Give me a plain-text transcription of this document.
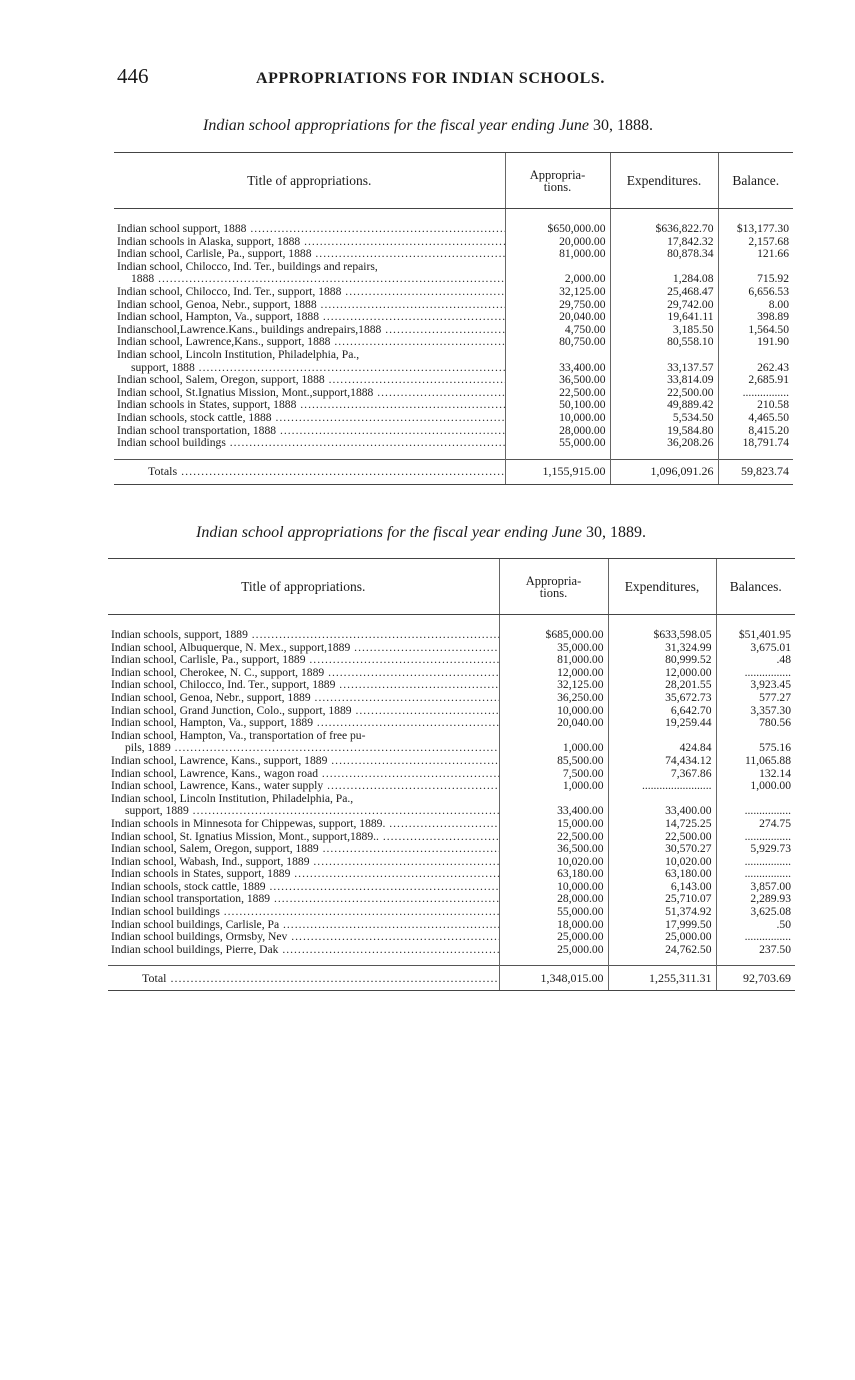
446	APPROPRIATIONS FOR INDIAN SCHOOLS.
Indian school appropriations for the fiscal year ending June 30, 1888.
Title of appropriations.	Appropria-
tions.	Expenditures.	Balance.

Indian school support, 1888 .....	$650,000.00	$636,822.70	$13,177.30
Indian schools in Alaska, support, 1888 .....	20,000.00	17,842.32	2,157.68
Indian school, Carlisle, Pa., support, 1888 .....	81,000.00	80,878.34	121.66
Indian school, Chilocco, Ind. Ter., buildings and repairs,
1888 .....	2,000.00	1,284.08	715.92
Indian school, Chilocco, Ind. Ter., support, 1888 .....	32,125.00	25,468.47	6,656.53
Indian school, Genoa, Nebr., support, 1888 .....	29,750.00	29,742.00	8.00
Indian school, Hampton, Va., support, 1888 .....	20,040.00	19,641.11	398.89
Indianschool,Lawrence.Kans., buildings andrepairs,1888 .....	4,750.00	3,185.50	1,564.50
Indian school, Lawrence,Kans., support, 1888 .....	80,750.00	80,558.10	191.90
Indian school, Lincoln Institution, Philadelphia, Pa.,
support, 1888 .....	33,400.00	33,137.57	262.43
Indian school, Salem, Oregon, support, 1888 .....	36,500.00	33,814.09	2,685.91
Indian school, St.Ignatius Mission, Mont.,support,1888 .....	22,500.00	22,500.00	................
Indian schools in States, support, 1888 .....	50,100.00	49,889.42	210.58
Indian schools, stock cattle, 1888 .....	10,000.00	5,534.50	4,465.50
Indian school transportation, 1888 .....	28,000.00	19,584.80	8,415.20
Indian school buildings .....	55,000.00	36,208.26	18,791.74

Totals .....	1,155,915.00	1,096,091.26	59,823.74
Indian school appropriations for the fiscal year ending June 30, 1889.
Title of appropriations.	Appropria-
tions.	Expenditures,	Balances.

Indian schools, support, 1889 .....	$685,000.00	$633,598.05	$51,401.95
Indian school, Albuquerque, N. Mex., support,1889 .....	35,000.00	31,324.99	3,675.01
Indian school, Carlisle, Pa., support, 1889 .....	81,000.00	80,999.52	.48
Indian school, Cherokee, N. C., support, 1889 .....	12,000.00	12,000.00	................
Indian school, Chilocco, Ind. Ter., support, 1889 .....	32,125.00	28,201.55	3,923.45
Indian school, Genoa, Nebr., support, 1889 .....	36,250.00	35,672.73	577.27
Indian school, Grand Junction, Colo., support, 1889 .....	10,000.00	6,642.70	3,357.30
Indian school, Hampton, Va., support, 1889 .....	20,040.00	19,259.44	780.56
Indian school, Hampton, Va., transportation of free pu-
pils, 1889 .....	1,000.00	424.84	575.16
Indian school, Lawrence, Kans., support, 1889 .....	85,500.00	74,434.12	11,065.88
Indian school, Lawrence, Kans., wagon road .....	7,500.00	7,367.86	132.14
Indian school, Lawrence, Kans., water supply .....	1,000.00	........................	1,000.00
Indian school, Lincoln Institution, Philadelphia, Pa.,
support, 1889 .....	33,400.00	33,400.00	................
Indian schools in Minnesota for Chippewas, support, 1889. .....	15,000.00	14,725.25	274.75
Indian school, St. Ignatius Mission, Mont., support,1889.. .....	22,500.00	22,500.00	................
Indian school, Salem, Oregon, support, 1889 .....	36,500.00	30,570.27	5,929.73
Indian school, Wabash, Ind., support, 1889 .....	10,020.00	10,020.00	................
Indian schools in States, support, 1889 .....	63,180.00	63,180.00	................
Indian schools, stock cattle, 1889 .....	10,000.00	6,143.00	3,857.00
Indian school transportation, 1889 .....	28,000.00	25,710.07	2,289.93
Indian school buildings .....	55,000.00	51,374.92	3,625.08
Indian school buildings, Carlisle, Pa .....	18,000.00	17,999.50	.50
Indian school buildings, Ormsby, Nev .....	25,000.00	25,000.00	................
Indian school buildings, Pierre, Dak .....	25,000.00	24,762.50	237.50

Total .....	1,348,015.00	1,255,311.31	92,703.69
